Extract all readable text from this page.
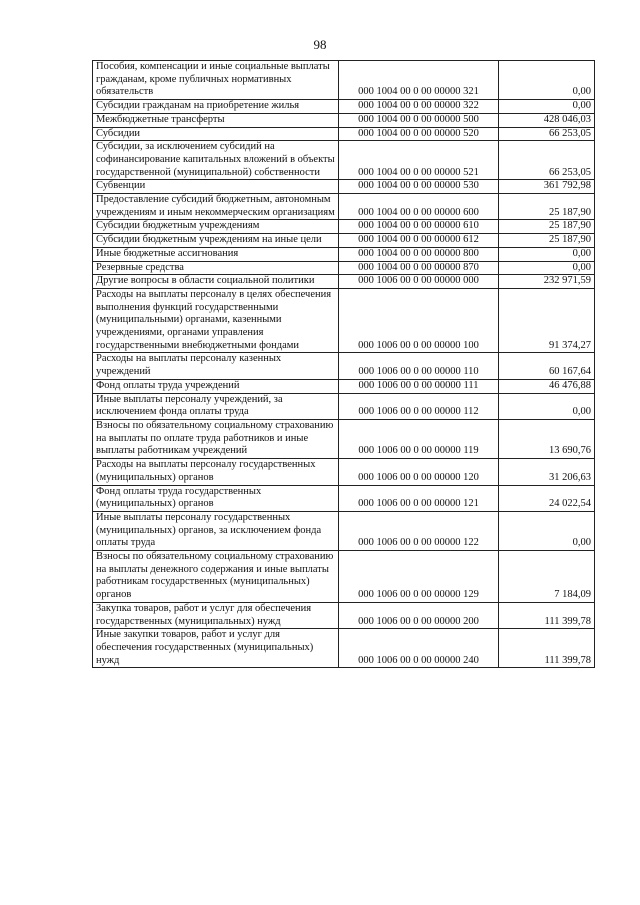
98
Пособия, компенсации и иные социальные выплаты гражданам, кроме публичных нормативных обязательств	000 1004 00 0 00 00000 321	0,00
Субсидии гражданам на приобретение жилья	000 1004 00 0 00 00000 322	0,00
Межбюджетные трансферты	000 1004 00 0 00 00000 500	428 046,03
Субсидии	000 1004 00 0 00 00000 520	66 253,05
Субсидии, за исключением субсидий на софинансирование капитальных вложений в объекты государственной (муниципальной) собственности	000 1004 00 0 00 00000 521	66 253,05
Субвенции	000 1004 00 0 00 00000 530	361 792,98
Предоставление субсидий бюджетным, автономным учреждениям и иным некоммерческим организациям	000 1004 00 0 00 00000 600	25 187,90
Субсидии бюджетным учреждениям	000 1004 00 0 00 00000 610	25 187,90
Субсидии бюджетным учреждениям на иные цели	000 1004 00 0 00 00000 612	25 187,90
Иные бюджетные ассигнования	000 1004 00 0 00 00000 800	0,00
Резервные средства	000 1004 00 0 00 00000 870	0,00
Другие вопросы в области социальной политики	000 1006 00 0 00 00000 000	232 971,59
Расходы на выплаты персоналу в целях обеспечения выполнения функций государственными (муниципальными) органами, казенными учреждениями, органами управления государственными внебюджетными фондами	000 1006 00 0 00 00000 100	91 374,27
Расходы на выплаты персоналу казенных учреждений	000 1006 00 0 00 00000 110	60 167,64
Фонд оплаты труда учреждений	000 1006 00 0 00 00000 111	46 476,88
Иные выплаты персоналу учреждений, за исключением фонда оплаты труда	000 1006 00 0 00 00000 112	0,00
Взносы по обязательному социальному страхованию на выплаты по оплате труда работников и иные выплаты работникам учреждений	000 1006 00 0 00 00000 119	13 690,76
Расходы на выплаты персоналу государственных (муниципальных) органов	000 1006 00 0 00 00000 120	31 206,63
Фонд оплаты труда государственных (муниципальных) органов	000 1006 00 0 00 00000 121	24 022,54
Иные выплаты персоналу государственных (муниципальных) органов, за исключением фонда оплаты труда	000 1006 00 0 00 00000 122	0,00
Взносы по обязательному социальному страхованию на выплаты денежного содержания и иные выплаты работникам государственных (муниципальных) органов	000 1006 00 0 00 00000 129	7 184,09
Закупка товаров, работ и услуг для обеспечения государственных (муниципальных) нужд	000 1006 00 0 00 00000 200	111 399,78
Иные закупки товаров, работ и услуг для обеспечения государственных (муниципальных) нужд	000 1006 00 0 00 00000 240	111 399,78
